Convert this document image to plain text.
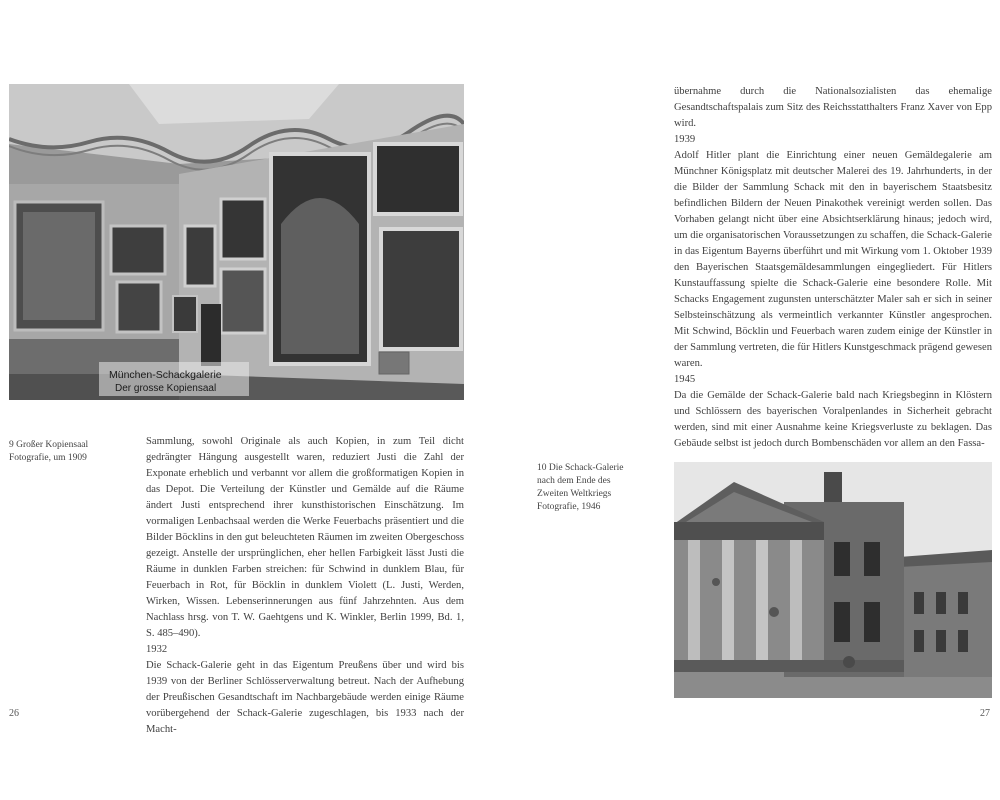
München-Schackgalerie
Der grosse Kopiensaal
9 Großer Kopiensaal
Fotografie, um 1909

Sammlung, sowohl Originale als auch Kopien, in zum Teil dicht gedrängter Hängung ausgestellt waren, reduziert Justi die Zahl der Exponate erheblich und verbannt vor allem die großformatigen Kopien in das Depot. Die Verteilung der Künstler und Gemälde auf die Räume ändert Justi entsprechend ihrer kunsthistorischen Einschätzung. Im vormaligen Lenbachsaal werden die Werke Feuerbachs präsentiert und die Bilder Böcklins in den gut beleuchteten Räumen im zweiten Obergeschoss gezeigt. Anstelle der ursprünglichen, eher hellen Farbigkeit lässt Justi die Räume in dunklen Farben streichen: für Schwind in dunklem Blau, für Feuerbach in Rot, für Böcklin in dunklem Violett (L. Justi, Werden, Wirken, Wissen. Lebenserinnerungen aus fünf Jahrzehnten. Aus dem Nachlass hrsg. von T. W. Gaehtgens und K. Winkler, Berlin 1999, Bd. 1, S. 485–490).

1932

Die Schack-Galerie geht in das Eigentum Preußens über und wird bis 1939 von der Berliner Schlösserverwaltung betreut. Nach der Aufhebung der Preußischen Gesandtschaft im Nachbargebäude werden einige Räume vorübergehend der Schack-Galerie zugeschlagen, bis 1933 nach der Macht-

26

übernahme durch die Nationalsozialisten das ehemalige Gesandtschaftspalais zum Sitz des Reichsstatthalters Franz Xaver von Epp wird.

1939

Adolf Hitler plant die Einrichtung einer neuen Gemäldegalerie am Münchner Königsplatz mit deutscher Malerei des 19. Jahrhunderts, in der die Bilder der Sammlung Schack mit den in bayerischem Staatsbesitz befindlichen Bildern der Neuen Pinakothek vereinigt werden sollen. Das Vorhaben gelangt nicht über eine Absichtserklärung hinaus; jedoch wird, um die organisatorischen Voraussetzungen zu schaffen, die Schack-Galerie in das Eigentum Bayerns überführt und mit Wirkung vom 1. Oktober 1939 den Bayerischen Staatsgemäldesammlungen eingegliedert. Für Hitlers Kunstauffassung spielte die Schack-Galerie eine besondere Rolle. Mit Schacks Engagement zugunsten unterschätzter Maler sah er sich in seiner Selbsteinschätzung als vermeintlich verkannter Künstler angesprochen. Mit Schwind, Böcklin und Feuerbach waren zudem einige der Künstler in der Sammlung vertreten, die für Hitlers Kunstgeschmack prägend gewesen waren.

1945

Da die Gemälde der Schack-Galerie bald nach Kriegsbeginn in Klöstern und Schlössern des bayerischen Voralpenlandes in Sicherheit gebracht werden, sind mit einer Ausnahme keine Kriegsverluste zu beklagen. Das Gebäude selbst ist jedoch durch Bombenschäden vor allem an den Fassa-

10 Die Schack-Galerie
nach dem Ende des
Zweiten Weltkriegs
Fotografie, 1946
27
